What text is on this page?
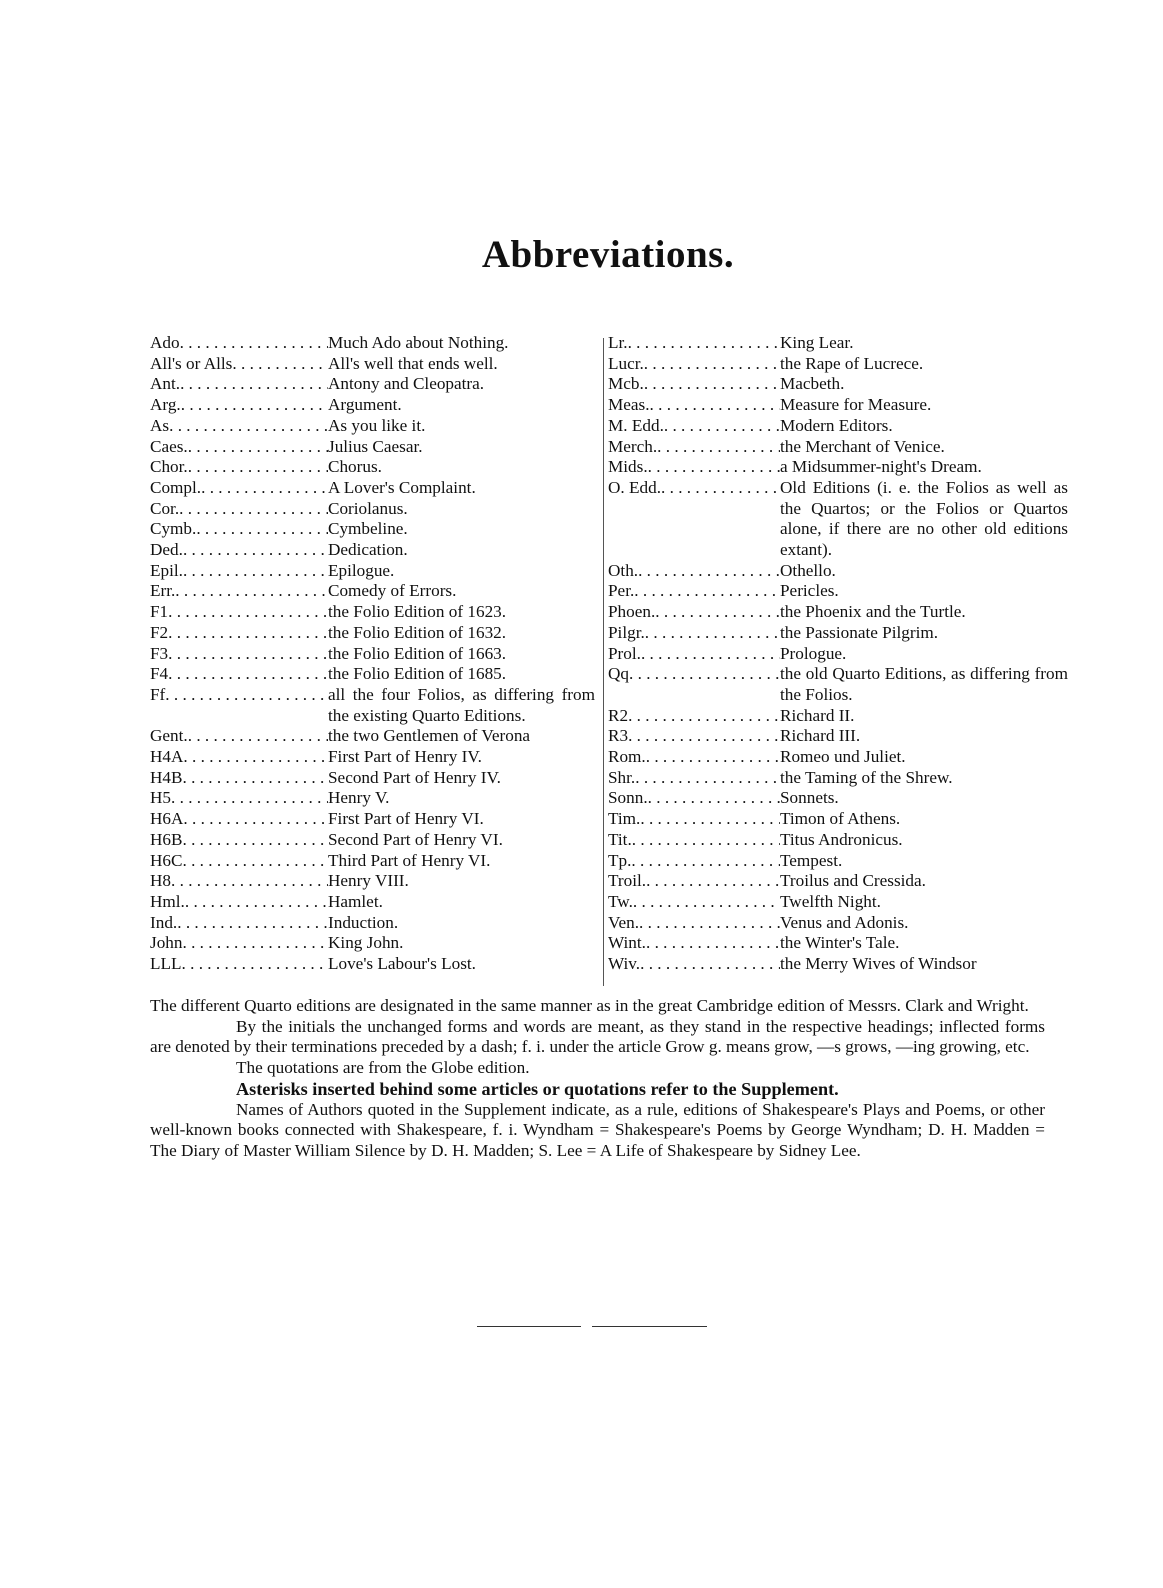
Abbreviations.
Ado . . .	Much Ado about Nothing.
All's or Alls . . .	All's well that ends well.
Ant. . . .	Antony and Cleopatra.
Arg. . . .	Argument.
As . . .	As you like it.
Caes. . . .	Julius Caesar.
Chor. . . .	Chorus.
Compl. . . .	A Lover's Complaint.
Cor. . . .	Coriolanus.
Cymb. . . .	Cymbeline.
Ded. . . .	Dedication.
Epil. . . .	Epilogue.
Err. . . .	Comedy of Errors.
F1 . . .	the Folio Edition of 1623.
F2 . . .	the Folio Edition of 1632.
F3 . . .	the Folio Edition of 1663.
F4 . . .	the Folio Edition of 1685.
Ff . . .	all the four Folios, as differing from the existing Quarto Editions.
Gent. . . .	the two Gentlemen of Verona
H4A . . .	First Part of Henry IV.
H4B . . .	Second Part of Henry IV.
H5 . . .	Henry V.
H6A . . .	First Part of Henry VI.
H6B . . .	Second Part of Henry VI.
H6C . . .	Third Part of Henry VI.
H8 . . .	Henry VIII.
Hml. . . .	Hamlet.
Ind. . . .	Induction.
John . . .	King John.
LLL . . .	Love's Labour's Lost.
Lr. . . .	King Lear.
Lucr. . . .	the Rape of Lucrece.
Mcb. . . .	Macbeth.
Meas. . . .	Measure for Measure.
M. Edd. . . .	Modern Editors.
Merch. . . .	the Merchant of Venice.
Mids. . . .	a Midsummer-night's Dream.
O. Edd. . . .	Old Editions (i. e. the Folios as well as the Quartos; or the Folios or Quartos alone, if there are no other old editions extant).
Oth. . . .	Othello.
Per. . . .	Pericles.
Phoen. . . .	the Phoenix and the Turtle.
Pilgr. . . .	the Passionate Pilgrim.
Prol. . . .	Prologue.
Qq . . .	the old Quarto Editions, as differing from the Folios.
R2 . . .	Richard II.
R3 . . .	Richard III.
Rom. . . .	Romeo und Juliet.
Shr. . . .	the Taming of the Shrew.
Sonn. . . .	Sonnets.
Tim. . . .	Timon of Athens.
Tit. . . .	Titus Andronicus.
Tp. . . .	Tempest.
Troil. . . .	Troilus and Cressida.
Tw. . . .	Twelfth Night.
Ven. . . .	Venus and Adonis.
Wint. . . .	the Winter's Tale.
Wiv. . . .	the Merry Wives of Windsor

The different Quarto editions are designated in the same manner as in the great Cambridge edition of Messrs. Clark and Wright.

By the initials the unchanged forms and words are meant, as they stand in the respective headings; inflected forms are denoted by their terminations preceded by a dash; f. i. under the article Grow g. means grow, —s grows, —ing growing, etc.

The quotations are from the Globe edition.

Asterisks inserted behind some articles or quotations refer to the Supplement.

Names of Authors quoted in the Supplement indicate, as a rule, editions of Shakespeare's Plays and Poems, or other well-known books connected with Shakespeare, f. i. Wyndham = Shakespeare's Poems by George Wyndham; D. H. Madden = The Diary of Master William Silence by D. H. Madden; S. Lee = A Life of Shakespeare by Sidney Lee.
